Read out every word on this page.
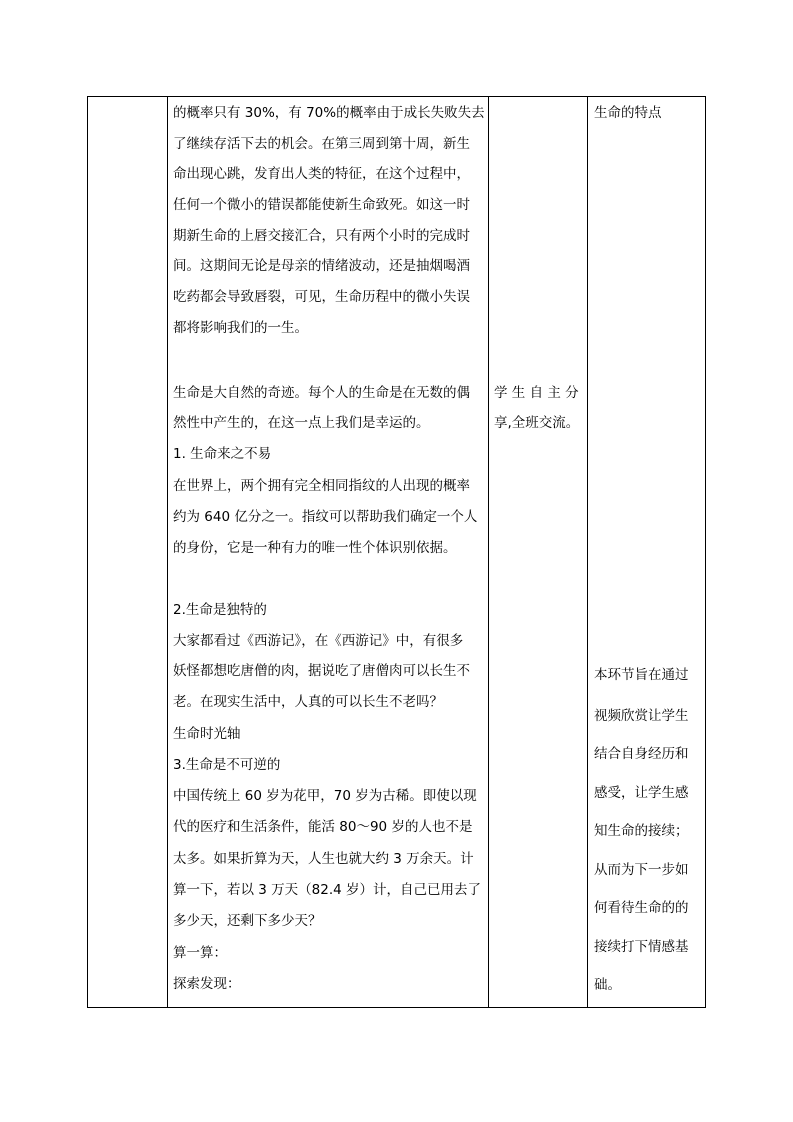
的概率只有 30%，有 70%的概率由于成长失败失去
了继续存活下去的机会。在第三周到第十周，新生
命出现心跳，发育出人类的特征，在这个过程中，
任何一个微小的错误都能使新生命致死。如这一时
期新生命的上唇交接汇合，只有两个小时的完成时
间。这期间无论是母亲的情绪波动，还是抽烟喝酒
吃药都会导致唇裂，可见，生命历程中的微小失误
都将影响我们的一生。
生命是大自然的奇迹。每个人的生命是在无数的偶
然性中产生的，在这一点上我们是幸运的。
1. 生命来之不易
在世界上，两个拥有完全相同指纹的人出现的概率
约为 640 亿分之一。指纹可以帮助我们确定一个人
的身份，它是一种有力的唯一性个体识别依据。
2.生命是独特的
大家都看过《西游记》，在《西游记》中，有很多
妖怪都想吃唐僧的肉，据说吃了唐僧肉可以长生不
老。在现实生活中，人真的可以长生不老吗？
生命时光轴
3.生命是不可逆的
中国传统上 60 岁为花甲，70 岁为古稀。即使以现
代的医疗和生活条件，能活 80～90 岁的人也不是
太多。如果折算为天，人生也就大约 3 万余天。计
算一下，若以 3 万天（82.4 岁）计，自己已用去了
多少天，还剩下多少天？
算一算：
探索发现：
学 生 自 主 分
享,全班交流。
生命的特点
本环节旨在通过
视频欣赏让学生
结合自身经历和
感受，让学生感
知生命的接续；
从而为下一步如
何看待生命的的
接续打下情感基
础。
